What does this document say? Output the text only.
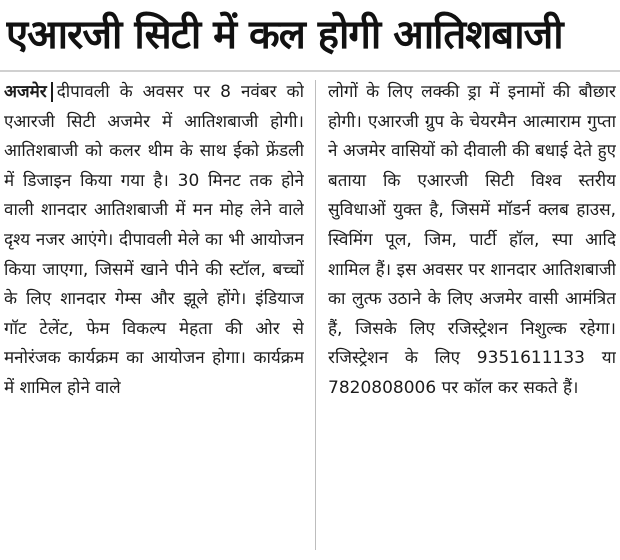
एआरजी सिटी में कल होगी आतिशबाजी

अजमेर दीपावली के अवसर पर 8 नवंबर को एआरजी सिटी अजमेर में आतिशबाजी होगी। आतिशबाजी को कलर थीम के साथ ईको फ्रेंडली में डिजाइन किया गया है। 30 मिनट तक होने वाली शानदार आतिशबाजी में मन मोह लेने वाले दृश्य नजर आएंगे। दीपावली मेले का भी आयोजन किया जाएगा, जिसमें खाने पीने की स्टॉल, बच्चों के लिए शानदार गेम्स और झूले होंगे। इंडियाज गॉट टेलेंट, फेम विकल्प मेहता की ओर से मनोरंजक कार्यक्रम का आयोजन होगा। कार्यक्रम में शामिल होने वाले

लोगों के लिए लक्की ड्रा में इनामों की बौछार होगी। एआरजी ग्रुप के चेयरमैन आत्माराम गुप्ता ने अजमेर वासियों को दीवाली की बधाई देते हुए बताया कि एआरजी सिटी विश्व स्तरीय सुविधाओं युक्त है, जिसमें मॉडर्न क्लब हाउस, स्विमिंग पूल, जिम, पार्टी हॉल, स्पा आदि शामिल हैं। इस अवसर पर शानदार आतिशबाजी का लुत्फ उठाने के लिए अजमेर वासी आमंत्रित हैं, जिसके लिए रजिस्ट्रेशन निशुल्क रहेगा। रजिस्ट्रेशन के लिए 9351611133 या 7820808006 पर कॉल कर सकते हैं।
